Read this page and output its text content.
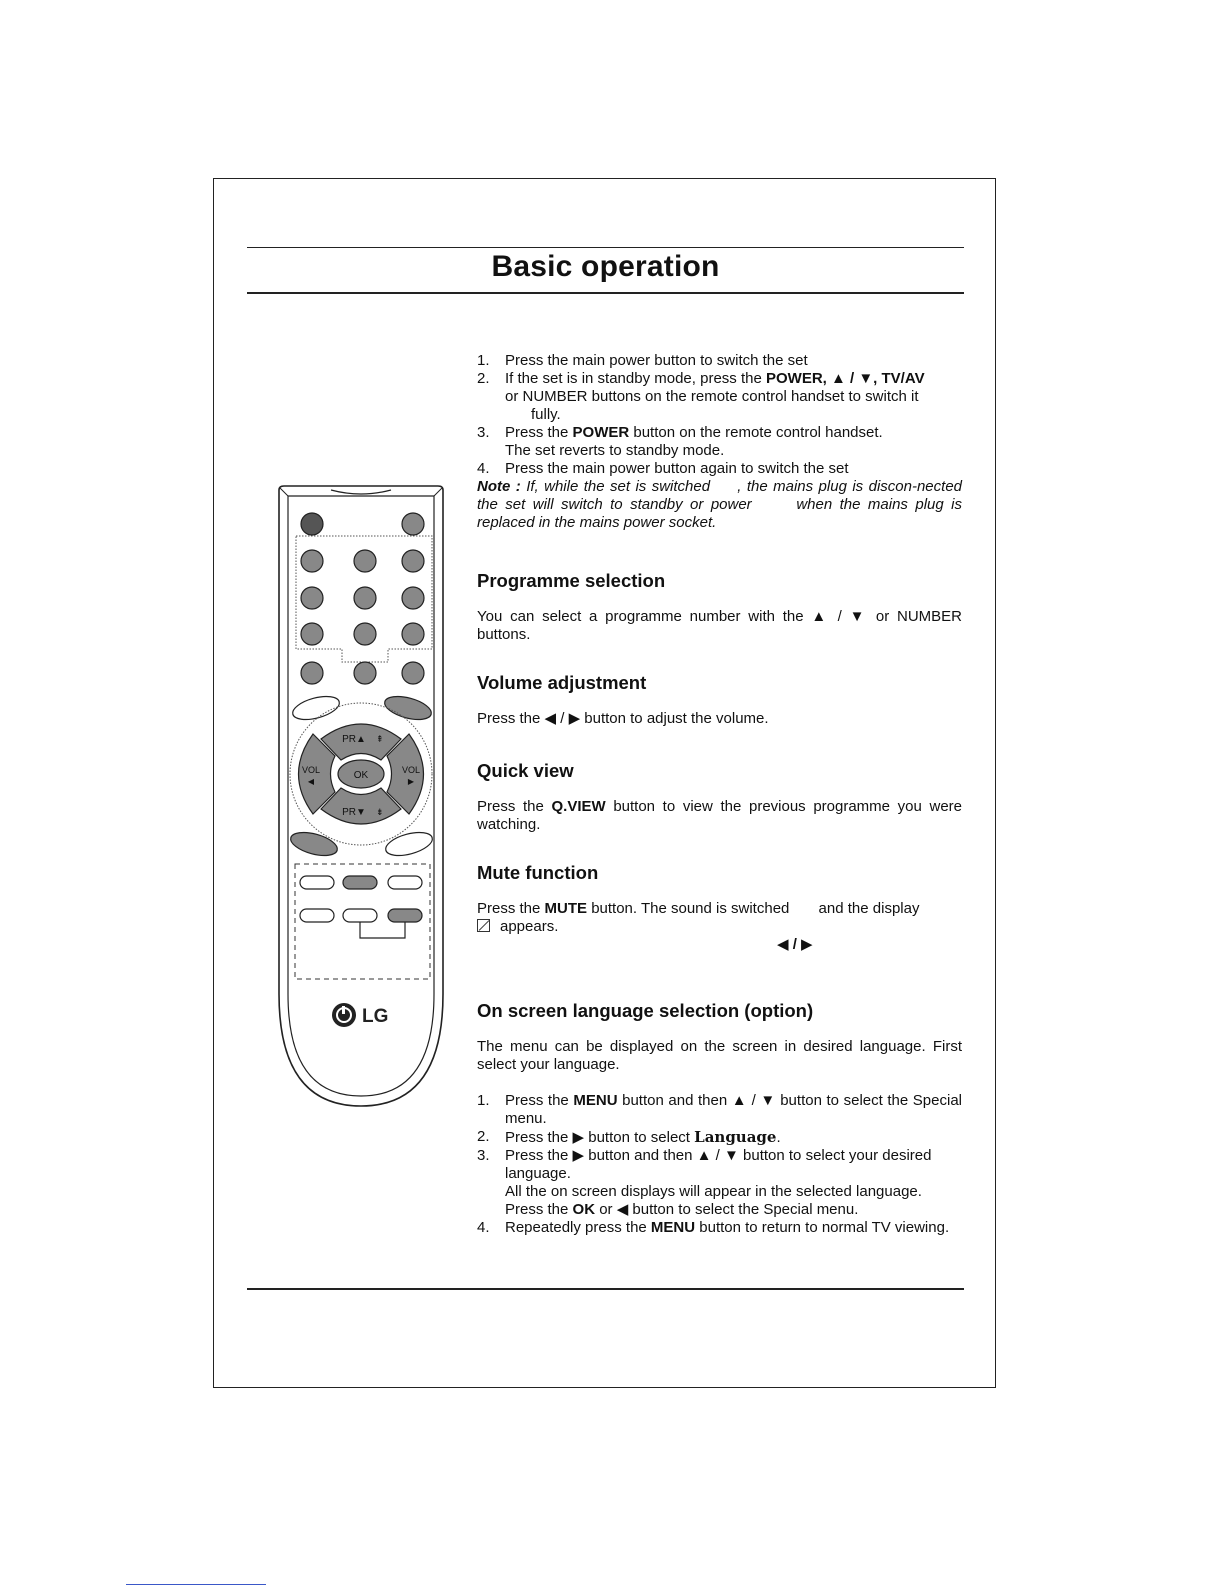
Basic operation
OK
PR▲
PR▼
⇞
⇟
VOL
◀
VOL
▶
LG
1. Press the main power button to switch the set
2. If the set is in standby mode, press the POWER, ▲ / ▼, TV/AV
or NUMBER buttons on the remote control handset to switch it
fully.
3. Press the POWER button on the remote control handset.
The set reverts to standby mode.
4. Press the main power button again to switch the set

Note : If, while the set is switched     , the mains plug is discon-nected the set will switch to standby or power      when the mains plug is replaced in the mains power socket.

Programme selection

You can select a programme number with the ▲ / ▼ or NUMBER buttons.

Volume adjustment

Press the ◀ / ▶ button to adjust the volume.

Quick view

Press the Q.VIEW button to view the previous programme you were watching.

Mute function

Press the MUTE button. The sound is switched       and the display

appears.

◀ / ▶

On screen language selection (option)

The menu can be displayed on the screen in desired language. First select your language.

1. Press the MENU button and then ▲ / ▼ button to select the Special menu.
2. Press the ▶ button to select Language.
3. Press the ▶ button and then ▲ / ▼ button to select your desired language.
All the on screen displays will appear in the selected language.
Press the OK or ◀ button to select the Special menu.
4. Repeatedly press the MENU button to return to normal TV viewing.
